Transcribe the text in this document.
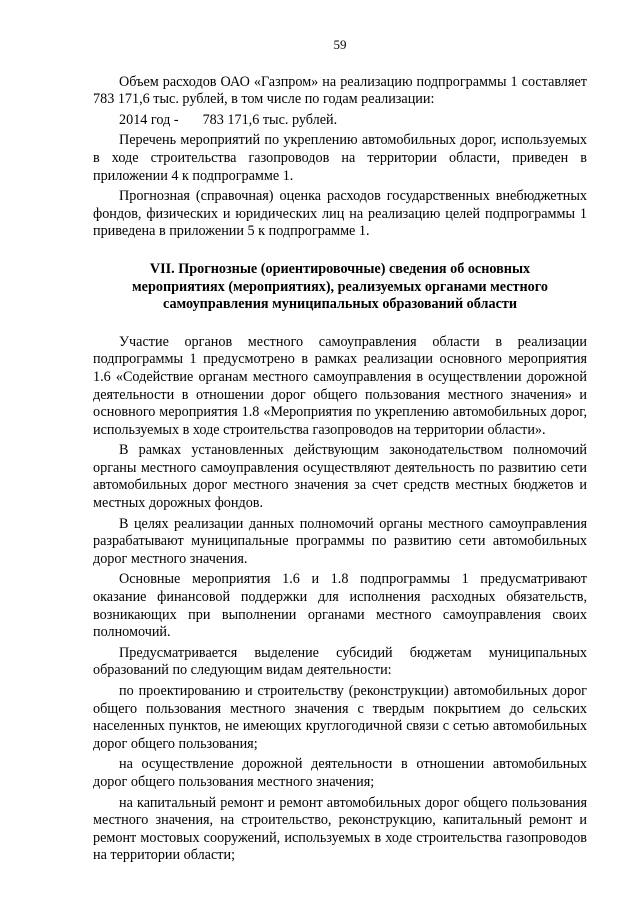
59

Объем расходов ОАО «Газпром» на реализацию подпрограммы 1 составляет 783 171,6 тыс. рублей, в том числе по годам реализации:

2014 год - 783 171,6 тыс. рублей.

Перечень мероприятий по укреплению автомобильных дорог, используемых в ходе строительства газопроводов на территории области, приведен в приложении 4 к подпрограмме 1.

Прогнозная (справочная) оценка расходов государственных внебюджетных фондов, физических и юридических лиц на реализацию целей подпрограммы 1 приведена в приложении 5 к подпрограмме 1.

VII. Прогнозные (ориентировочные) сведения об основных
мероприятиях (мероприятиях), реализуемых органами местного
самоуправления муниципальных образований области

Участие органов местного самоуправления области в реализации подпрограммы 1 предусмотрено в рамках реализации основного мероприятия 1.6 «Содействие органам местного самоуправления в осуществлении дорожной деятельности в отношении дорог общего пользования местного значения» и основного мероприятия 1.8 «Мероприятия по укреплению автомобильных дорог, используемых в ходе строительства газопроводов на территории области».

В рамках установленных действующим законодательством полномочий органы местного самоуправления осуществляют деятельность по развитию сети автомобильных дорог местного значения за счет средств местных бюджетов и местных дорожных фондов.

В целях реализации данных полномочий органы местного самоуправления разрабатывают муниципальные программы по развитию сети автомобильных дорог местного значения.

Основные мероприятия 1.6 и 1.8 подпрограммы 1 предусматривают оказание финансовой поддержки для исполнения расходных обязательств, возникающих при выполнении органами местного самоуправления своих полномочий.

Предусматривается выделение субсидий бюджетам муниципальных образований по следующим видам деятельности:

по проектированию и строительству (реконструкции) автомобильных дорог общего пользования местного значения с твердым покрытием до сельских населенных пунктов, не имеющих круглогодичной связи с сетью автомобильных дорог общего пользования;

на осуществление дорожной деятельности в отношении автомобильных дорог общего пользования местного значения;

на капитальный ремонт и ремонт автомобильных дорог общего пользования местного значения, на строительство, реконструкцию, капитальный ремонт и ремонт мостовых сооружений, используемых в ходе строительства газопроводов на территории области;
